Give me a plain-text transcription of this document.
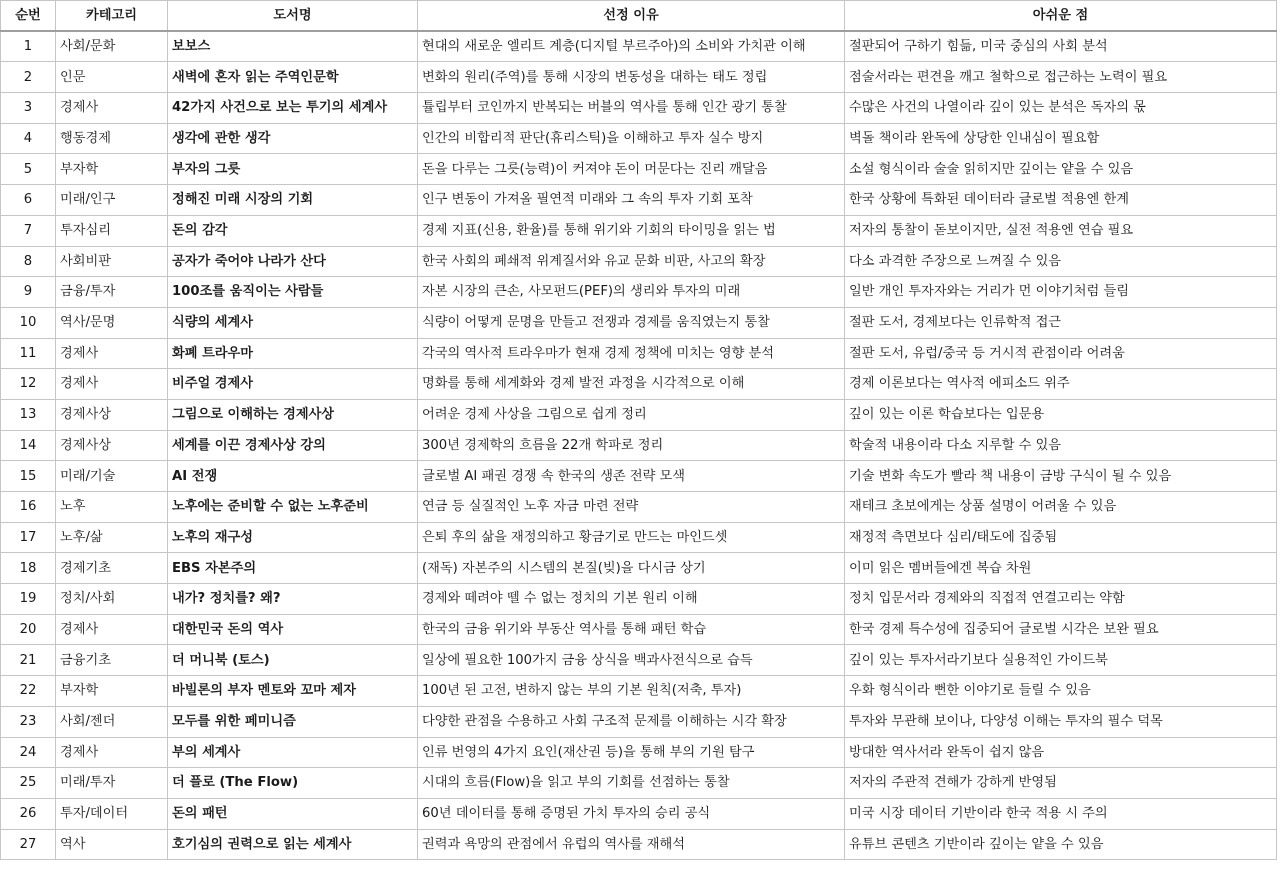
순번	카테고리	도서명	선정 이유	아쉬운 점
1	사회/문화	보보스	현대의 새로운 엘리트 계층(디지털 부르주아)의 소비와 가치관 이해	절판되어 구하기 힘듦, 미국 중심의 사회 분석
2	인문	새벽에 혼자 읽는 주역인문학	변화의 원리(주역)를 통해 시장의 변동성을 대하는 태도 정립	점술서라는 편견을 깨고 철학으로 접근하는 노력이 필요
3	경제사	42가지 사건으로 보는 투기의 세계사	튤립부터 코인까지 반복되는 버블의 역사를 통해 인간 광기 통찰	수많은 사건의 나열이라 깊이 있는 분석은 독자의 몫
4	행동경제	생각에 관한 생각	인간의 비합리적 판단(휴리스틱)을 이해하고 투자 실수 방지	벽돌 책이라 완독에 상당한 인내심이 필요함
5	부자학	부자의 그릇	돈을 다루는 그릇(능력)이 커져야 돈이 머문다는 진리 깨달음	소설 형식이라 술술 읽히지만 깊이는 얕을 수 있음
6	미래/인구	정해진 미래 시장의 기회	인구 변동이 가져올 필연적 미래와 그 속의 투자 기회 포착	한국 상황에 특화된 데이터라 글로벌 적용엔 한계
7	투자심리	돈의 감각	경제 지표(신용, 환율)를 통해 위기와 기회의 타이밍을 읽는 법	저자의 통찰이 돋보이지만, 실전 적용엔 연습 필요
8	사회비판	공자가 죽어야 나라가 산다	한국 사회의 폐쇄적 위계질서와 유교 문화 비판, 사고의 확장	다소 과격한 주장으로 느껴질 수 있음
9	금융/투자	100조를 움직이는 사람들	자본 시장의 큰손, 사모펀드(PEF)의 생리와 투자의 미래	일반 개인 투자자와는 거리가 먼 이야기처럼 들림
10	역사/문명	식량의 세계사	식량이 어떻게 문명을 만들고 전쟁과 경제를 움직였는지 통찰	절판 도서, 경제보다는 인류학적 접근
11	경제사	화폐 트라우마	각국의 역사적 트라우마가 현재 경제 정책에 미치는 영향 분석	절판 도서, 유럽/중국 등 거시적 관점이라 어려움
12	경제사	비주얼 경제사	명화를 통해 세계화와 경제 발전 과정을 시각적으로 이해	경제 이론보다는 역사적 에피소드 위주
13	경제사상	그림으로 이해하는 경제사상	어려운 경제 사상을 그림으로 쉽게 정리	깊이 있는 이론 학습보다는 입문용
14	경제사상	세계를 이끈 경제사상 강의	300년 경제학의 흐름을 22개 학파로 정리	학술적 내용이라 다소 지루할 수 있음
15	미래/기술	AI 전쟁	글로벌 AI 패권 경쟁 속 한국의 생존 전략 모색	기술 변화 속도가 빨라 책 내용이 금방 구식이 될 수 있음
16	노후	노후에는 준비할 수 없는 노후준비	연금 등 실질적인 노후 자금 마련 전략	재테크 초보에게는 상품 설명이 어려울 수 있음
17	노후/삶	노후의 재구성	은퇴 후의 삶을 재정의하고 황금기로 만드는 마인드셋	재정적 측면보다 심리/태도에 집중됨
18	경제기초	EBS 자본주의	(재독) 자본주의 시스템의 본질(빚)을 다시금 상기	이미 읽은 멤버들에겐 복습 차원
19	정치/사회	내가? 정치를? 왜?	경제와 떼려야 뗄 수 없는 정치의 기본 원리 이해	정치 입문서라 경제와의 직접적 연결고리는 약함
20	경제사	대한민국 돈의 역사	한국의 금융 위기와 부동산 역사를 통해 패턴 학습	한국 경제 특수성에 집중되어 글로벌 시각은 보완 필요
21	금융기초	더 머니북 (토스)	일상에 필요한 100가지 금융 상식을 백과사전식으로 습득	깊이 있는 투자서라기보다 실용적인 가이드북
22	부자학	바빌론의 부자 멘토와 꼬마 제자	100년 된 고전, 변하지 않는 부의 기본 원칙(저축, 투자)	우화 형식이라 뻔한 이야기로 들릴 수 있음
23	사회/젠더	모두를 위한 페미니즘	다양한 관점을 수용하고 사회 구조적 문제를 이해하는 시각 확장	투자와 무관해 보이나, 다양성 이해는 투자의 필수 덕목
24	경제사	부의 세계사	인류 번영의 4가지 요인(재산권 등)을 통해 부의 기원 탐구	방대한 역사서라 완독이 쉽지 않음
25	미래/투자	더 플로 (The Flow)	시대의 흐름(Flow)을 읽고 부의 기회를 선점하는 통찰	저자의 주관적 견해가 강하게 반영됨
26	투자/데이터	돈의 패턴	60년 데이터를 통해 증명된 가치 투자의 승리 공식	미국 시장 데이터 기반이라 한국 적용 시 주의
27	역사	호기심의 권력으로 읽는 세계사	권력과 욕망의 관점에서 유럽의 역사를 재해석	유튜브 콘텐츠 기반이라 깊이는 얕을 수 있음
